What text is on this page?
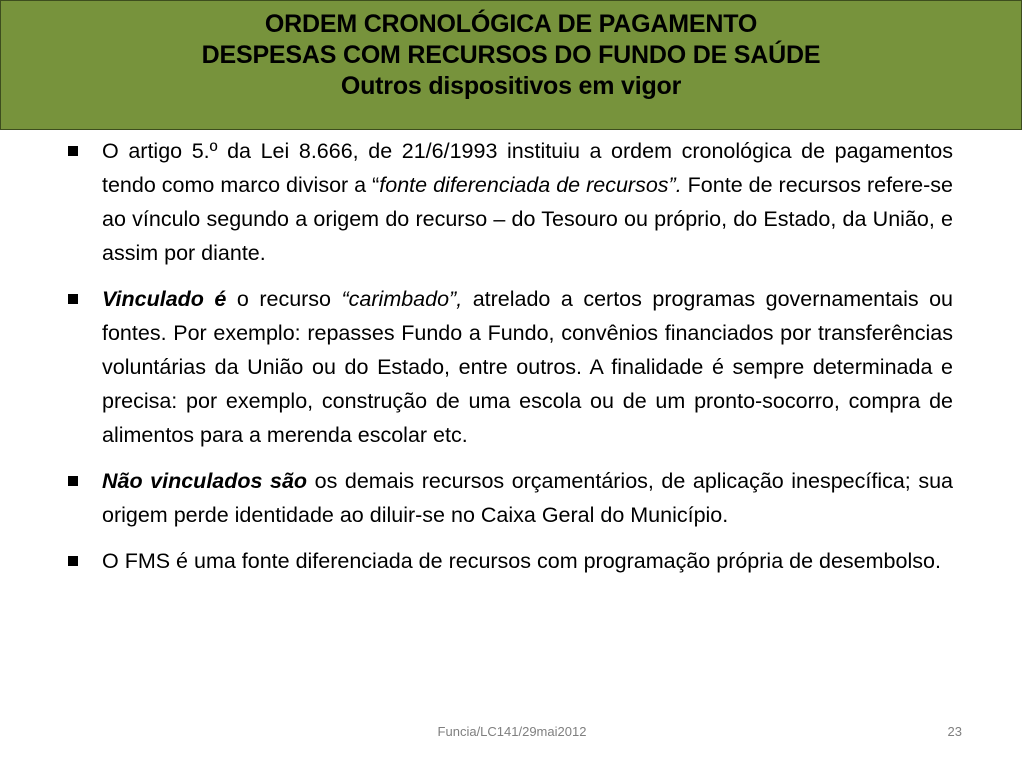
ORDEM CRONOLÓGICA DE PAGAMENTO
DESPESAS COM RECURSOS DO FUNDO DE SAÚDE
Outros dispositivos em vigor
O artigo 5.º da Lei 8.666, de 21/6/1993 instituiu a ordem cronológica de pagamentos tendo como marco divisor a “fonte diferenciada de recursos”. Fonte de recursos refere-se ao vínculo segundo a origem do recurso – do Tesouro ou próprio, do Estado, da União, e assim por diante.
Vinculado é o recurso “carimbado”, atrelado a certos programas governamentais ou fontes. Por exemplo: repasses Fundo a Fundo, convênios financiados por transferências voluntárias da União ou do Estado, entre outros. A finalidade é sempre determinada e precisa: por exemplo, construção de uma escola ou de um pronto-socorro, compra de alimentos para a merenda escolar etc.
Não vinculados são os demais recursos orçamentários, de aplicação inespecífica; sua origem perde identidade ao diluir-se no Caixa Geral do Município.
O FMS é uma fonte diferenciada de recursos com programação própria de desembolso.
Funcia/LC141/29mai2012	23
